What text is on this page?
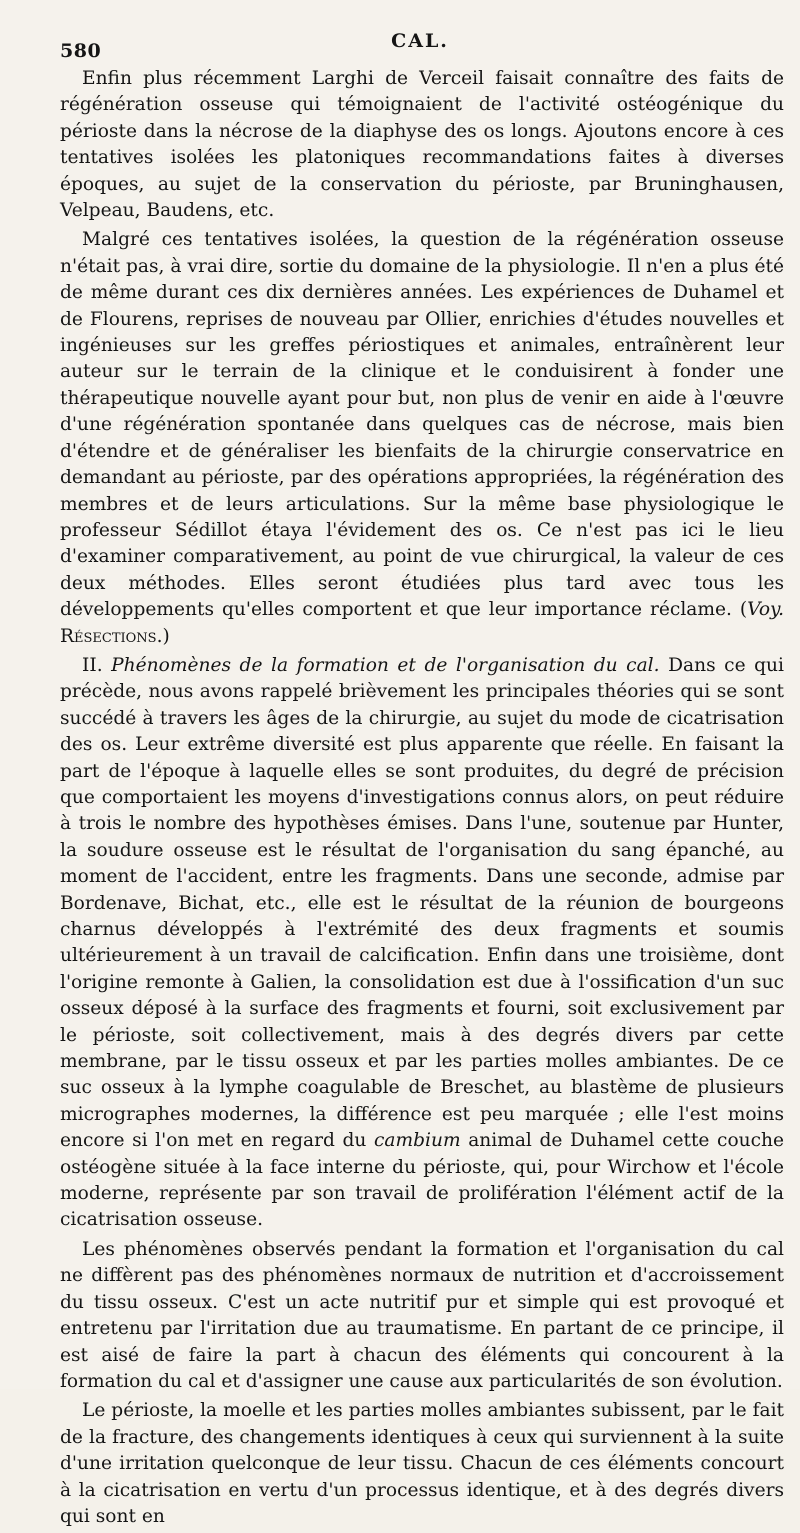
580	CAL.

Enfin plus récemment Larghi de Verceil faisait connaître des faits de régénération osseuse qui témoignaient de l'activité ostéogénique du périoste dans la nécrose de la diaphyse des os longs. Ajoutons encore à ces tentatives isolées les platoniques recommandations faites à diverses époques, au sujet de la conservation du périoste, par Bruninghausen, Velpeau, Baudens, etc.

Malgré ces tentatives isolées, la question de la régénération osseuse n'était pas, à vrai dire, sortie du domaine de la physiologie. Il n'en a plus été de même durant ces dix dernières années. Les expériences de Duhamel et de Flourens, reprises de nouveau par Ollier, enrichies d'études nouvelles et ingénieuses sur les greffes périostiques et animales, entraînèrent leur auteur sur le terrain de la clinique et le conduisirent à fonder une thérapeutique nouvelle ayant pour but, non plus de venir en aide à l'œuvre d'une régénération spontanée dans quelques cas de nécrose, mais bien d'étendre et de généraliser les bienfaits de la chirurgie conservatrice en demandant au périoste, par des opérations appropriées, la régénération des membres et de leurs articulations. Sur la même base physiologique le professeur Sédillot étaya l'évidement des os. Ce n'est pas ici le lieu d'examiner comparativement, au point de vue chirurgical, la valeur de ces deux méthodes. Elles seront étudiées plus tard avec tous les développements qu'elles comportent et que leur importance réclame. (Voy. Résections.)

II. Phénomènes de la formation et de l'organisation du cal. Dans ce qui précède, nous avons rappelé brièvement les principales théories qui se sont succédé à travers les âges de la chirurgie, au sujet du mode de cicatrisation des os. Leur extrême diversité est plus apparente que réelle. En faisant la part de l'époque à laquelle elles se sont produites, du degré de précision que comportaient les moyens d'investigations connus alors, on peut réduire à trois le nombre des hypothèses émises. Dans l'une, soutenue par Hunter, la soudure osseuse est le résultat de l'organisation du sang épanché, au moment de l'accident, entre les fragments. Dans une seconde, admise par Bordenave, Bichat, etc., elle est le résultat de la réunion de bourgeons charnus développés à l'extrémité des deux fragments et soumis ultérieurement à un travail de calcification. Enfin dans une troisième, dont l'origine remonte à Galien, la consolidation est due à l'ossification d'un suc osseux déposé à la surface des fragments et fourni, soit exclusivement par le périoste, soit collectivement, mais à des degrés divers par cette membrane, par le tissu osseux et par les parties molles ambiantes. De ce suc osseux à la lymphe coagulable de Breschet, au blastème de plusieurs micrographes modernes, la différence est peu marquée ; elle l'est moins encore si l'on met en regard du cambium animal de Duhamel cette couche ostéogène située à la face interne du périoste, qui, pour Wirchow et l'école moderne, représente par son travail de prolifération l'élément actif de la cicatrisation osseuse.

Les phénomènes observés pendant la formation et l'organisation du cal ne diffèrent pas des phénomènes normaux de nutrition et d'accroissement du tissu osseux. C'est un acte nutritif pur et simple qui est provoqué et entretenu par l'irritation due au traumatisme. En partant de ce principe, il est aisé de faire la part à chacun des éléments qui concourent à la formation du cal et d'assigner une cause aux particularités de son évolution.

Le périoste, la moelle et les parties molles ambiantes subissent, par le fait de la fracture, des changements identiques à ceux qui surviennent à la suite d'une irritation quelconque de leur tissu. Chacun de ces éléments concourt à la cicatrisation en vertu d'un processus identique, et à des degrés divers qui sont en
